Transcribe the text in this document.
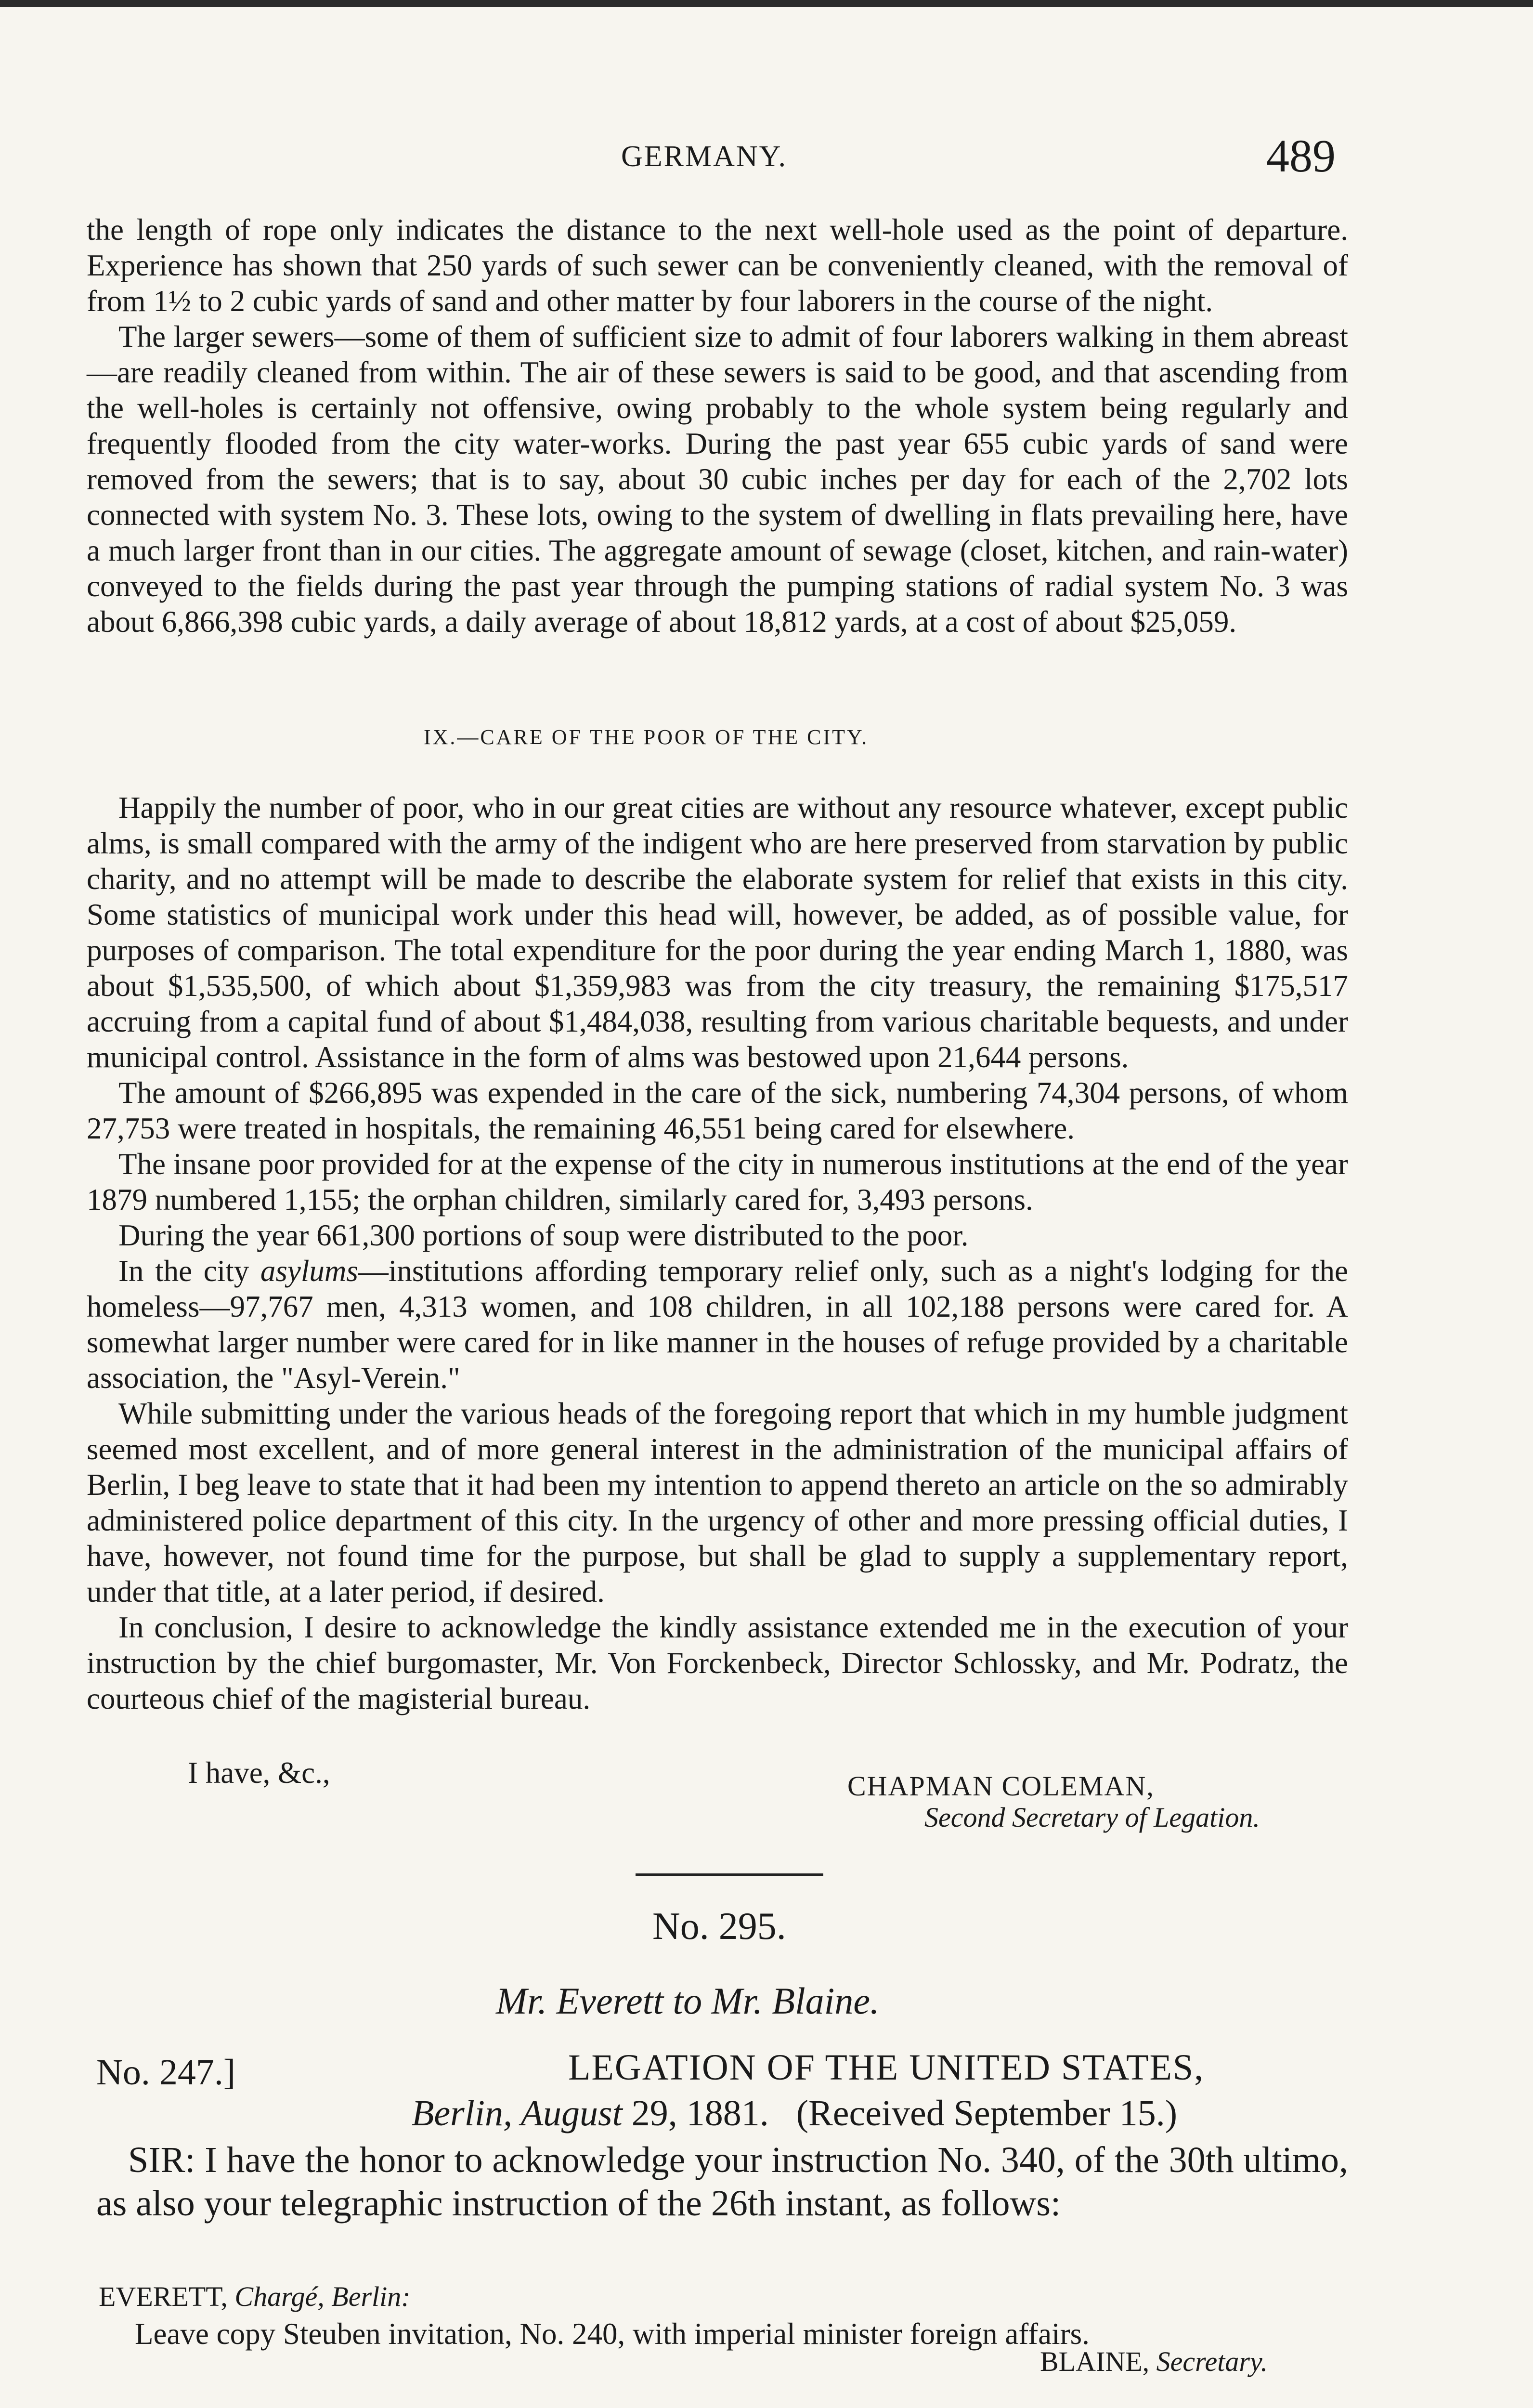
GERMANY.	489

the length of rope only indicates the distance to the next well-hole used as the point of departure. Experience has shown that 250 yards of such sewer can be conveniently cleaned, with the removal of from 1½ to 2 cubic yards of sand and other matter by four laborers in the course of the night.

The larger sewers—some of them of sufficient size to admit of four laborers walking in them abreast—are readily cleaned from within. The air of these sewers is said to be good, and that ascending from the well-holes is certainly not offensive, owing probably to the whole system being regularly and frequently flooded from the city water-works. During the past year 655 cubic yards of sand were removed from the sewers; that is to say, about 30 cubic inches per day for each of the 2,702 lots connected with system No. 3. These lots, owing to the system of dwelling in flats prevailing here, have a much larger front than in our cities. The aggregate amount of sewage (closet, kitchen, and rain-water) conveyed to the fields during the past year through the pumping stations of radial system No. 3 was about 6,866,398 cubic yards, a daily average of about 18,812 yards, at a cost of about $25,059.

IX.—CARE OF THE POOR OF THE CITY.

Happily the number of poor, who in our great cities are without any resource whatever, except public alms, is small compared with the army of the indigent who are here preserved from starvation by public charity, and no attempt will be made to describe the elaborate system for relief that exists in this city. Some statistics of municipal work under this head will, however, be added, as of possible value, for purposes of comparison. The total expenditure for the poor during the year ending March 1, 1880, was about $1,535,500, of which about $1,359,983 was from the city treasury, the remaining $175,517 accruing from a capital fund of about $1,484,038, resulting from various charitable bequests, and under municipal control. Assistance in the form of alms was bestowed upon 21,644 persons.

The amount of $266,895 was expended in the care of the sick, numbering 74,304 persons, of whom 27,753 were treated in hospitals, the remaining 46,551 being cared for elsewhere.

The insane poor provided for at the expense of the city in numerous institutions at the end of the year 1879 numbered 1,155; the orphan children, similarly cared for, 3,493 persons.

During the year 661,300 portions of soup were distributed to the poor.

In the city asylums—institutions affording temporary relief only, such as a night's lodging for the homeless—97,767 men, 4,313 women, and 108 children, in all 102,188 persons were cared for. A somewhat larger number were cared for in like manner in the houses of refuge provided by a charitable association, the "Asyl-Verein."

While submitting under the various heads of the foregoing report that which in my humble judgment seemed most excellent, and of more general interest in the administration of the municipal affairs of Berlin, I beg leave to state that it had been my intention to append thereto an article on the so admirably administered police department of this city. In the urgency of other and more pressing official duties, I have, however, not found time for the purpose, but shall be glad to supply a supplementary report, under that title, at a later period, if desired.

In conclusion, I desire to acknowledge the kindly assistance extended me in the execution of your instruction by the chief burgomaster, Mr. Von Forckenbeck, Director Schlossky, and Mr. Podratz, the courteous chief of the magisterial bureau.

I have, &c.,	CHAPMAN COLEMAN,
Second Secretary of Legation.
No. 295.
Mr. Everett to Mr. Blaine.
No. 247.]	LEGATION OF THE UNITED STATES,
Berlin, August 29, 1881. (Received September 15.)

SIR: I have the honor to acknowledge your instruction No. 340, of the 30th ultimo, as also your telegraphic instruction of the 26th instant, as follows:

EVERETT, Chargé, Berlin:
Leave copy Steuben invitation, No. 240, with imperial minister foreign affairs.
BLAINE, Secretary.
